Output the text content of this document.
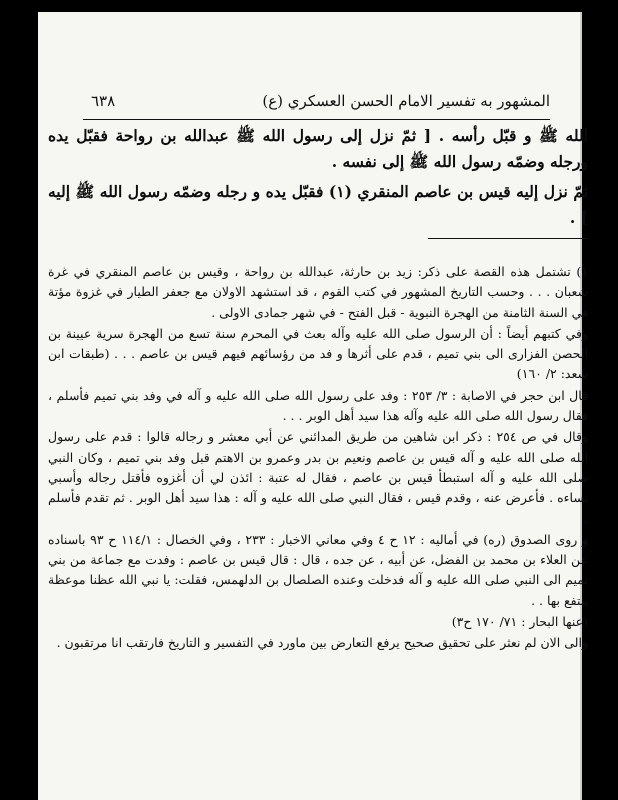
المشهور به تفسير الامام الحسن العسكري (ع)
٦٣٨

الله ﷺ و قبّل رأسه . [ ثمّ نزل إلى رسول الله ﷺ عبدالله بن رواحة فقبّل يده ورجله وضمّه رسول الله ﷺ إلى نفسه .

ثمّ نزل إليه قيس بن عاصم المنقري (١) فقبّل يده و رجله وضمّه رسول الله ﷺ إليه ] .

١) تشتمل هذه القصة على ذكر: زيد بن حارثة، عبدالله بن رواحة ، وقيس بن عاصم المنقري في غرة شعبان . . . وحسب التاريخ المشهور في كتب القوم ، قد استشهد الاولان مع جعفر الطيار في غزوة مؤتة في السنة الثامنة من الهجرة النبوية - قبل الفتح - في شهر جمادى الاولى .

وفي كتبهم أيضاً : أن الرسول صلى الله عليه وآله بعث في المحرم سنة تسع من الهجرة سرية عيينة بن الحصن الفزارى الى بني تميم ، قدم على أثرها و فد من رؤسائهم فيهم قيس بن عاصم . . . (طبقات ابن سعد: ٢/ ١٦٠)

قال ابن حجر في الاصابة : ٣/ ٢٥٣ : وفد على رسول الله صلى الله عليه و آله في وفد بني تميم فأسلم ، فقال رسول الله صلى الله عليه وآله هذا سيد أهل الوبر . . .

وقال في ص ٢٥٤ : ذكر ابن شاهين من طريق المدائني عن أبي معشر و رجاله قالوا : قدم على رسول الله صلى الله عليه و آله قيس بن عاصم ونعيم بن بدر وعمرو بن الاهتم قبل وفد بني تميم ، وكان النبي صلى الله عليه و آله استبطأ قيس بن عاصم ، فقال له عتبة : ائذن لي أن أغزوه فأقتل رجاله وأسبي نساءه . فأعرض عنه ، وقدم قيس ، فقال النبي صلى الله عليه و آله : هذا سيد أهل الوبر . ثم تقدم فأسلم .

و روى الصدوق (ره) في أماليه : ١٢ ح ٤ وفي معاني الاخبار : ٢٣٣ ، وفي الخصال : ١١٤/١ ح ٩٣ باسناده عن العلاء بن محمد بن الفضل، عن أبيه ، عن جده ، قال : قال قيس بن عاصم : وفدت مع جماعة من بني تميم الى النبي صلى الله عليه و آله فدخلت وعنده الصلصال بن الدلهمس، فقلت: يا نبي الله عظنا موعظة ننتفع بها . .

(عنها البحار : ٧١/ ١٧٠ ح٣)

والى الان لم نعثر على تحقيق صحيح يرفع التعارض بين ماورد في التفسير و التاريخ فارتقب انا مرتقبون .
